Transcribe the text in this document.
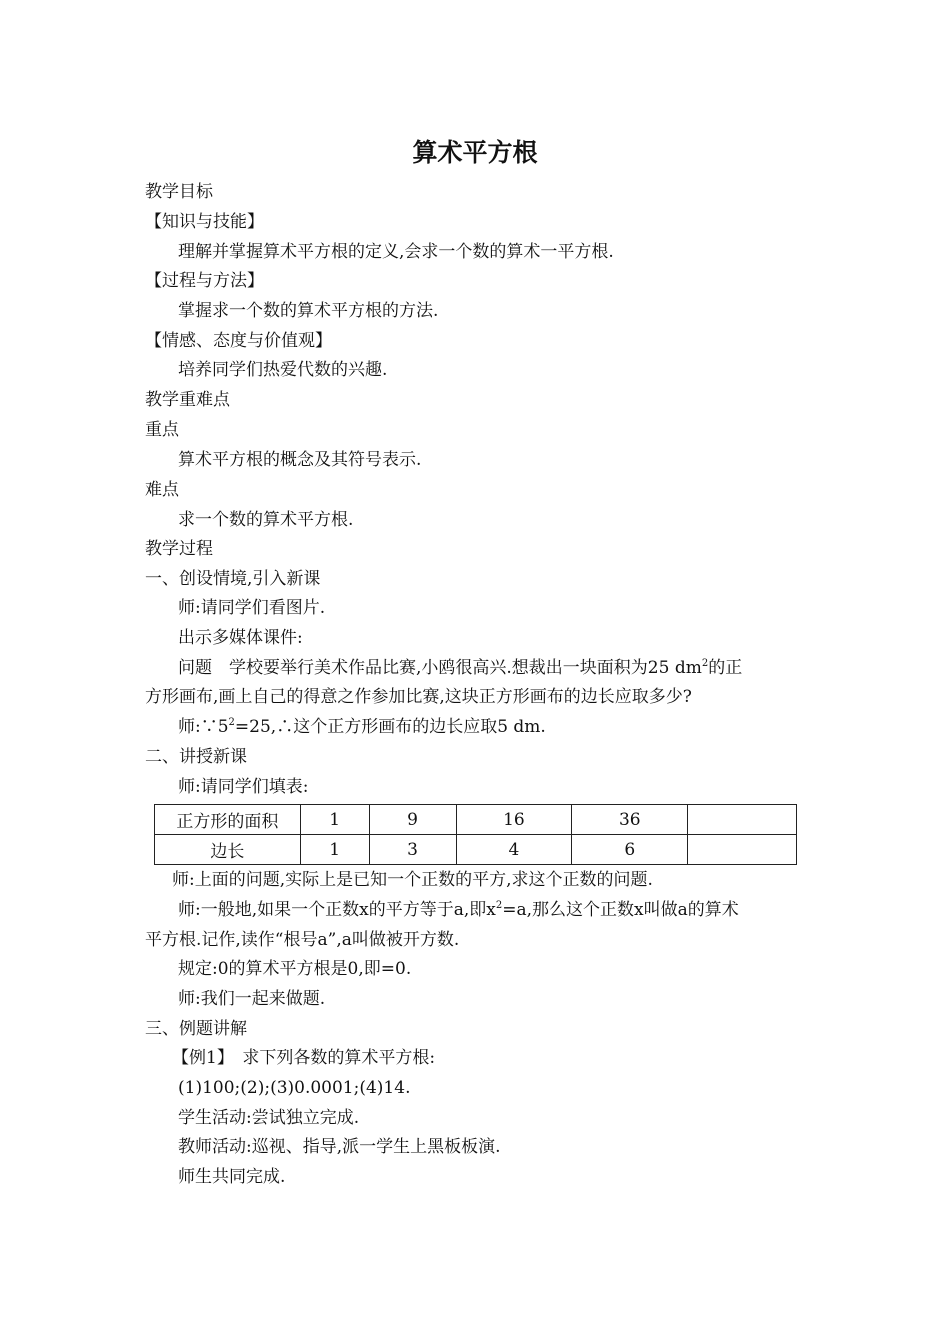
算术平方根
教学目标
【知识与技能】
理解并掌握算术平方根的定义,会求一个数的算术一平方根.
【过程与方法】
掌握求一个数的算术平方根的方法.
【情感、态度与价值观】
培养同学们热爱代数的兴趣.
教学重难点
重点
算术平方根的概念及其符号表示.
难点
求一个数的算术平方根.
教学过程
一、创设情境,引入新课
师:请同学们看图片.
出示多媒体课件:
问题　学校要举行美术作品比赛,小鸥很高兴.想裁出一块面积为25 $dm^2$的正
方形画布,画上自己的得意之作参加比赛,这块正方形画布的边长应取多少?
师$:\because 5^2=25,\therefore$这个正方形画布的边长应取5 dm.
二、讲授新课
师:请同学们填表:
正方形的面积	1	9	16	36	
边长	1	3	4	6	
师:上面的问题,实际上是已知一个正数的平方,求这个正数的问题.
师:一般地,如果一个正数x的平方等于a,即$x^2=a$,那么这个正数x叫做a的算术
平方根.记作,读作“根号a”,a叫做被开方数.
规定:0的算术平方根是0,即=0.
师:我们一起来做题.
三、例题讲解
【例1】　求下列各数的算术平方根:
(1)100;(2);(3)0.0001;(4)14.
学生活动:尝试独立完成.
教师活动:巡视、指导,派一学生上黑板板演.
师生共同完成.
